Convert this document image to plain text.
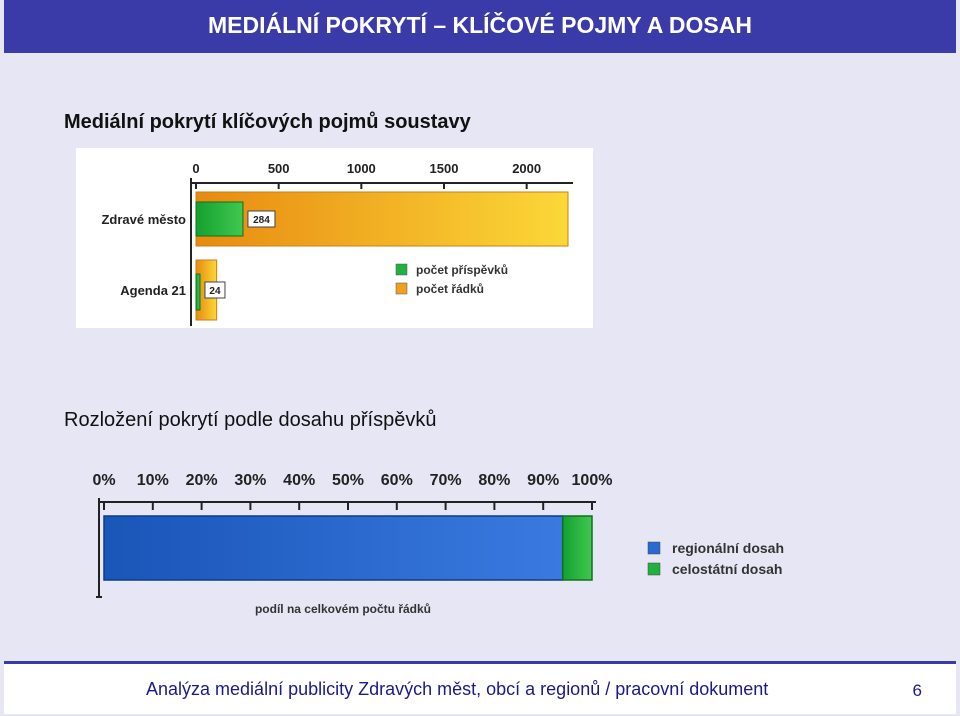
MEDIÁLNÍ POKRYTÍ – KLÍČOVÉ POJMY A DOSAH
Mediální pokrytí klíčových pojmů soustavy
0	500	1000	1500	2000
284
Zdravé město
24
Agenda 21
počet příspěvků
počet řádků
Rozložení pokrytí podle dosahu příspěvků
0% 10% 20% 30% 40% 50% 60% 70% 80% 90% 100%
podíl na celkovém počtu řádků
regionální dosah
celostátní dosah
Analýza mediální publicity Zdravých měst, obcí a regionů / pracovní dokument	6
